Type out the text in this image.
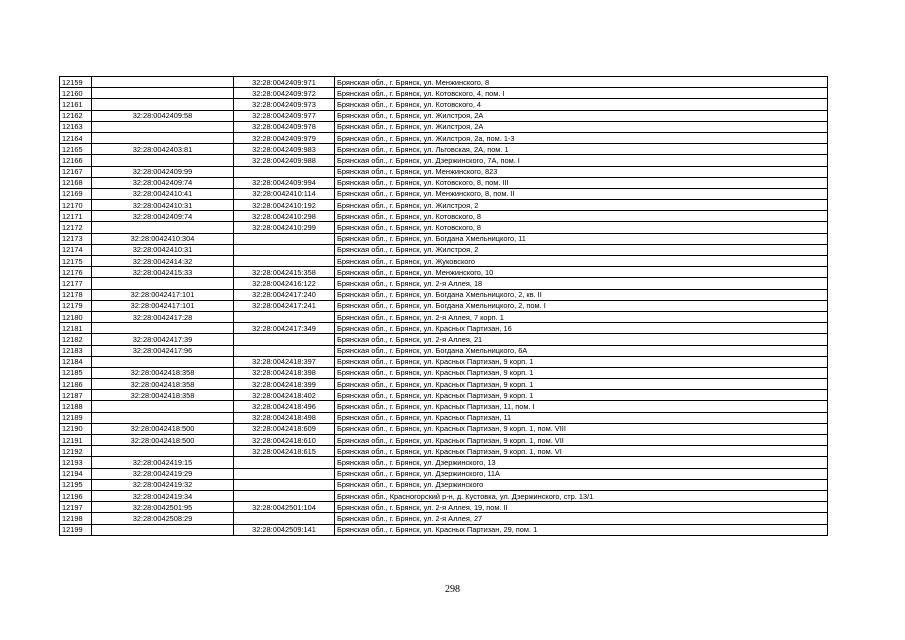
12159		32:28:0042409:971	Брянская обл., г. Брянск, ул. Менжинского, 8
12160		32:28:0042409:972	Брянская обл., г. Брянск, ул. Котовского, 4, пом. I
12161		32:28:0042409:973	Брянская обл., г. Брянск, ул. Котовского, 4
12162	32:28:0042409:58	32:28:0042409:977	Брянская обл., г. Брянск, ул. Жилстроя, 2А
12163		32:28:0042409:978	Брянская обл., г. Брянск, ул. Жилстроя, 2А
12164		32:28:0042409:979	Брянская обл., г. Брянск, ул. Жилстроя, 2а, пом. 1-3
12165	32:28:0042403:81	32:28:0042409:983	Брянская обл., г. Брянск, ул. Льговская, 2А, пом. 1
12166		32:28:0042409:988	Брянская обл., г. Брянск, ул. Дзержинского, 7А, пом. I
12167	32:28:0042409:99		Брянская обл., г. Брянск, ул. Менжинского, 823
12168	32:28:0042409:74	32:28:0042409:994	Брянская обл., г. Брянск, ул. Котовского, 8, пом. III
12169	32:28:0042410:41	32:28:0042410:114	Брянская обл., г. Брянск, ул. Менжинского, 8, пом. II
12170	32:28:0042410:31	32:28:0042410:192	Брянская обл., г. Брянск, ул. Жилстроя, 2
12171	32:28:0042409:74	32:28:0042410:298	Брянская обл., г. Брянск, ул. Котовского, 8
12172		32:28:0042410:299	Брянская обл., г. Брянск, ул. Котовского, 8
12173	32:28:0042410:304		Брянская обл., г. Брянск, ул. Богдана Хмельницкого, 11
12174	32:28:0042410:31		Брянская обл., г. Брянск, ул. Жилстроя, 2
12175	32:28:0042414:32		Брянская обл., г. Брянск, ул. Жуковского
12176	32:28:0042415:33	32:28:0042415:358	Брянская обл., г. Брянск, ул. Менжинского, 10
12177		32:28:0042416:122	Брянская обл., г. Брянск, ул. 2-я Аллея, 18
12178	32:28:0042417:101	32:28:0042417:240	Брянская обл., г. Брянск, ул. Богдана Хмельницкого, 2, кв. II
12179	32:28:0042417:101	32:28:0042417:241	Брянская обл., г. Брянск, ул. Богдана Хмельницкого, 2, пом. I
12180	32:28:0042417:28		Брянская обл., г. Брянск, ул. 2-я Аллея, 7 корп. 1
12181		32:28:0042417:349	Брянская обл., г. Брянск, ул. Красных Партизан, 16
12182	32:28:0042417:39		Брянская обл., г. Брянск, ул. 2-я Аллея, 21
12183	32:28:0042417:96		Брянская обл., г. Брянск, ул. Богдана Хмельницкого, 6А
12184		32:28:0042418:397	Брянская обл., г. Брянск, ул. Красных Партизан, 9 корп. 1
12185	32:28:0042418:358	32:28:0042418:398	Брянская обл., г. Брянск, ул. Красных Партизан, 9 корп. 1
12186	32:28:0042418:358	32:28:0042418:399	Брянская обл., г. Брянск, ул. Красных Партизан, 9 корп. 1
12187	32:28:0042418:358	32:28:0042418:402	Брянская обл., г. Брянск, ул. Красных Партизан, 9 корп. 1
12188		32:28:0042418:496	Брянская обл., г. Брянск, ул. Красных Партизан, 11, пом. I
12189		32:28:0042418:498	Брянская обл., г. Брянск, ул. Красных Партизан, 11
12190	32:28:0042418:500	32:28:0042418:609	Брянская обл., г. Брянск, ул. Красных Партизан, 9 корп. 1, пом. VIII
12191	32:28:0042418:500	32:28:0042418:610	Брянская обл., г. Брянск, ул. Красных Партизан, 9 корп. 1, пом. VII
12192		32:28:0042418:615	Брянская обл., г. Брянск, ул. Красных Партизан, 9 корп. 1, пом. VI
12193	32:28:0042419:15		Брянская обл., г. Брянск, ул. Дзержинского, 13
12194	32:28:0042419:29		Брянская обл., г. Брянск, ул. Дзержинского, 11А
12195	32:28:0042419:32		Брянская обл., г. Брянск, ул. Дзержинского
12196	32:28:0042419:34		Брянская обл., Красногорский р-н, д. Кустовка, ул. Дзержинского, стр. 13/1
12197	32:28:0042501:95	32:28:0042501:104	Брянская обл., г. Брянск, ул. 2-я Аллея, 19, пом. II
12198	32:28:0042508:29		Брянская обл., г. Брянск, ул. 2-я Аллея, 27
12199		32:28:0042509:141	Брянская обл., г. Брянск, ул. Красных Партизан, 29, пом. 1
298
